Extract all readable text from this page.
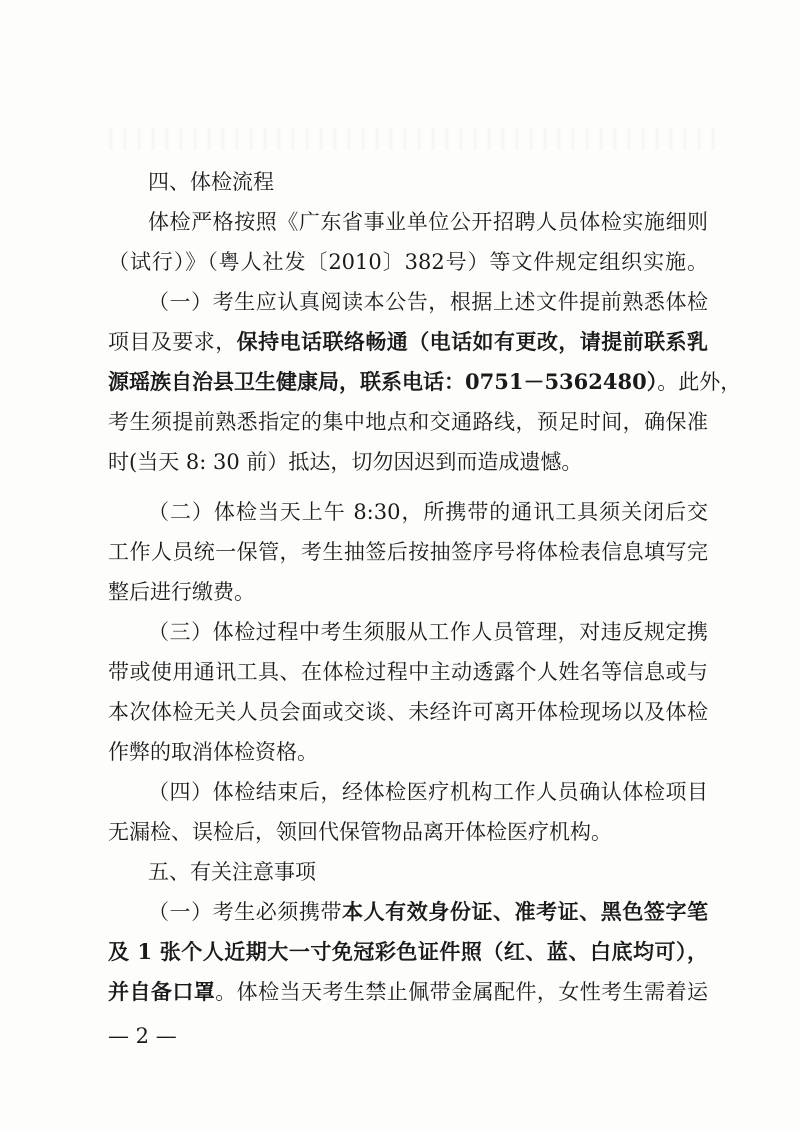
四、体检流程
体检严格按照《广东省事业单位公开招聘人员体检实施细则
（试行）》（粤人社发〔2010〕382号）等文件规定组织实施。
（一）考生应认真阅读本公告，根据上述文件提前熟悉体检
项目及要求，保持电话联络畅通（电话如有更改，请提前联系乳
源瑶族自治县卫生健康局，联系电话：0751－5362480）。此外，
考生须提前熟悉指定的集中地点和交通路线，预足时间，确保准
时(当天 8: 30 前）抵达，切勿因迟到而造成遗憾。
（二）体检当天上午 8:30，所携带的通讯工具须关闭后交
工作人员统一保管，考生抽签后按抽签序号将体检表信息填写完
整后进行缴费。
（三）体检过程中考生须服从工作人员管理，对违反规定携
带或使用通讯工具、在体检过程中主动透露个人姓名等信息或与
本次体检无关人员会面或交谈、未经许可离开体检现场以及体检
作弊的取消体检资格。
（四）体检结束后，经体检医疗机构工作人员确认体检项目
无漏检、误检后，领回代保管物品离开体检医疗机构。
五、有关注意事项
（一）考生必须携带本人有效身份证、准考证、黑色签字笔
及 1 张个人近期大一寸免冠彩色证件照（红、蓝、白底均可），
并自备口罩。体检当天考生禁止佩带金属配件，女性考生需着运
— 2 —
